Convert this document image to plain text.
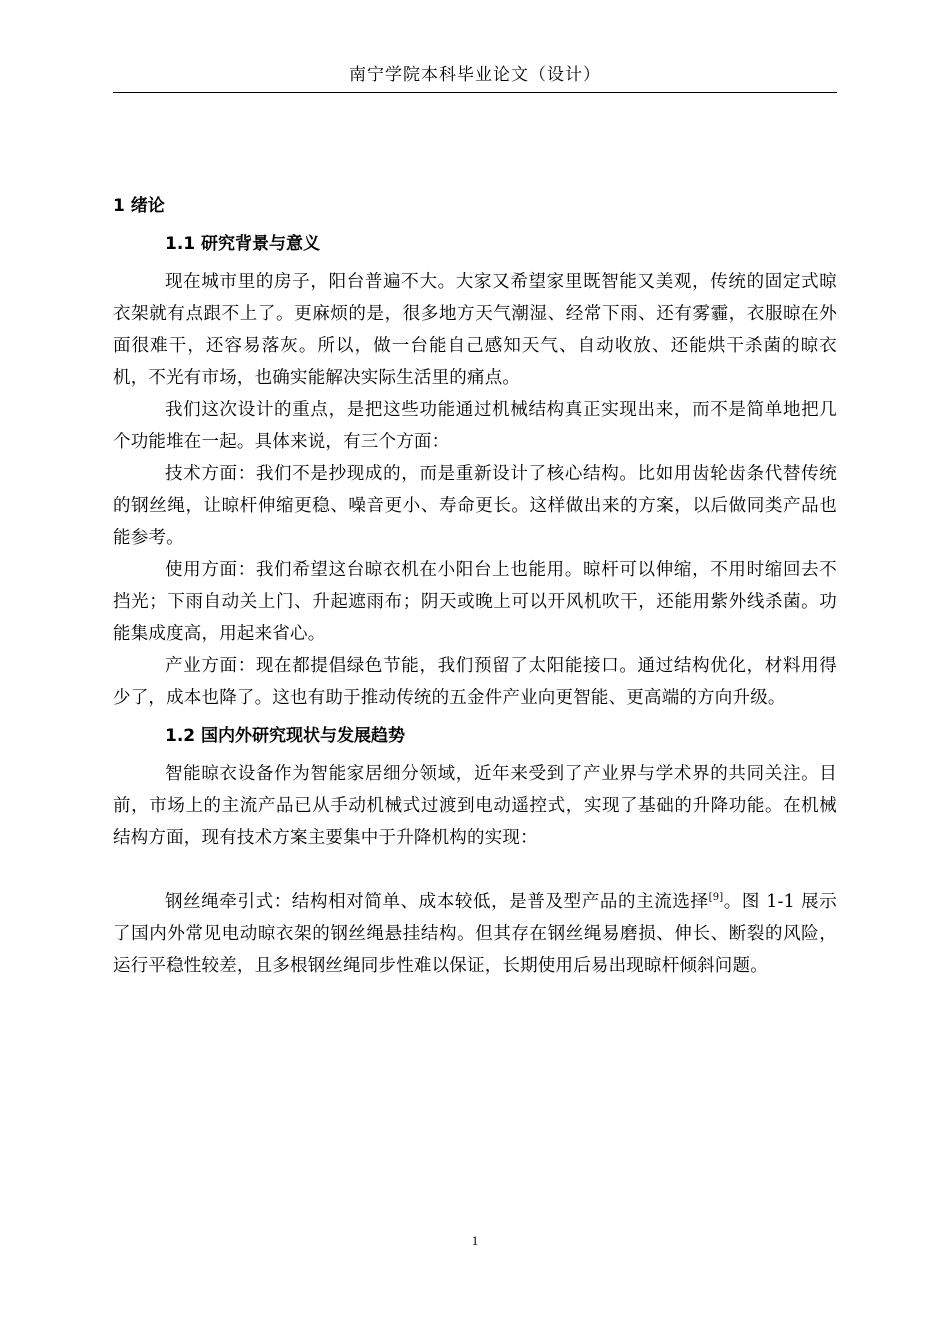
南宁学院本科毕业论文（设计）
1 绪论
1.1 研究背景与意义

现在城市里的房子，阳台普遍不大。大家又希望家里既智能又美观，传统的固定式晾衣架就有点跟不上了。更麻烦的是，很多地方天气潮湿、经常下雨、还有雾霾，衣服晾在外面很难干，还容易落灰。所以，做一台能自己感知天气、自动收放、还能烘干杀菌的晾衣机，不光有市场，也确实能解决实际生活里的痛点。

我们这次设计的重点，是把这些功能通过机械结构真正实现出来，而不是简单地把几个功能堆在一起。具体来说，有三个方面：

技术方面：我们不是抄现成的，而是重新设计了核心结构。比如用齿轮齿条代替传统的钢丝绳，让晾杆伸缩更稳、噪音更小、寿命更长。这样做出来的方案，以后做同类产品也能参考。

使用方面：我们希望这台晾衣机在小阳台上也能用。晾杆可以伸缩，不用时缩回去不挡光；下雨自动关上门、升起遮雨布；阴天或晚上可以开风机吹干，还能用紫外线杀菌。功能集成度高，用起来省心。

产业方面：现在都提倡绿色节能，我们预留了太阳能接口。通过结构优化，材料用得少了，成本也降了。这也有助于推动传统的五金件产业向更智能、更高端的方向升级。

1.2 国内外研究现状与发展趋势

智能晾衣设备作为智能家居细分领域，近年来受到了产业界与学术界的共同关注。目前，市场上的主流产品已从手动机械式过渡到电动遥控式，实现了基础的升降功能。在机械结构方面，现有技术方案主要集中于升降机构的实现：

钢丝绳牵引式：结构相对简单、成本较低，是普及型产品的主流选择[9]。图 1-1 展示了国内外常见电动晾衣架的钢丝绳悬挂结构。但其存在钢丝绳易磨损、伸长、断裂的风险，运行平稳性较差，且多根钢丝绳同步性难以保证，长期使用后易出现晾杆倾斜问题。

1
